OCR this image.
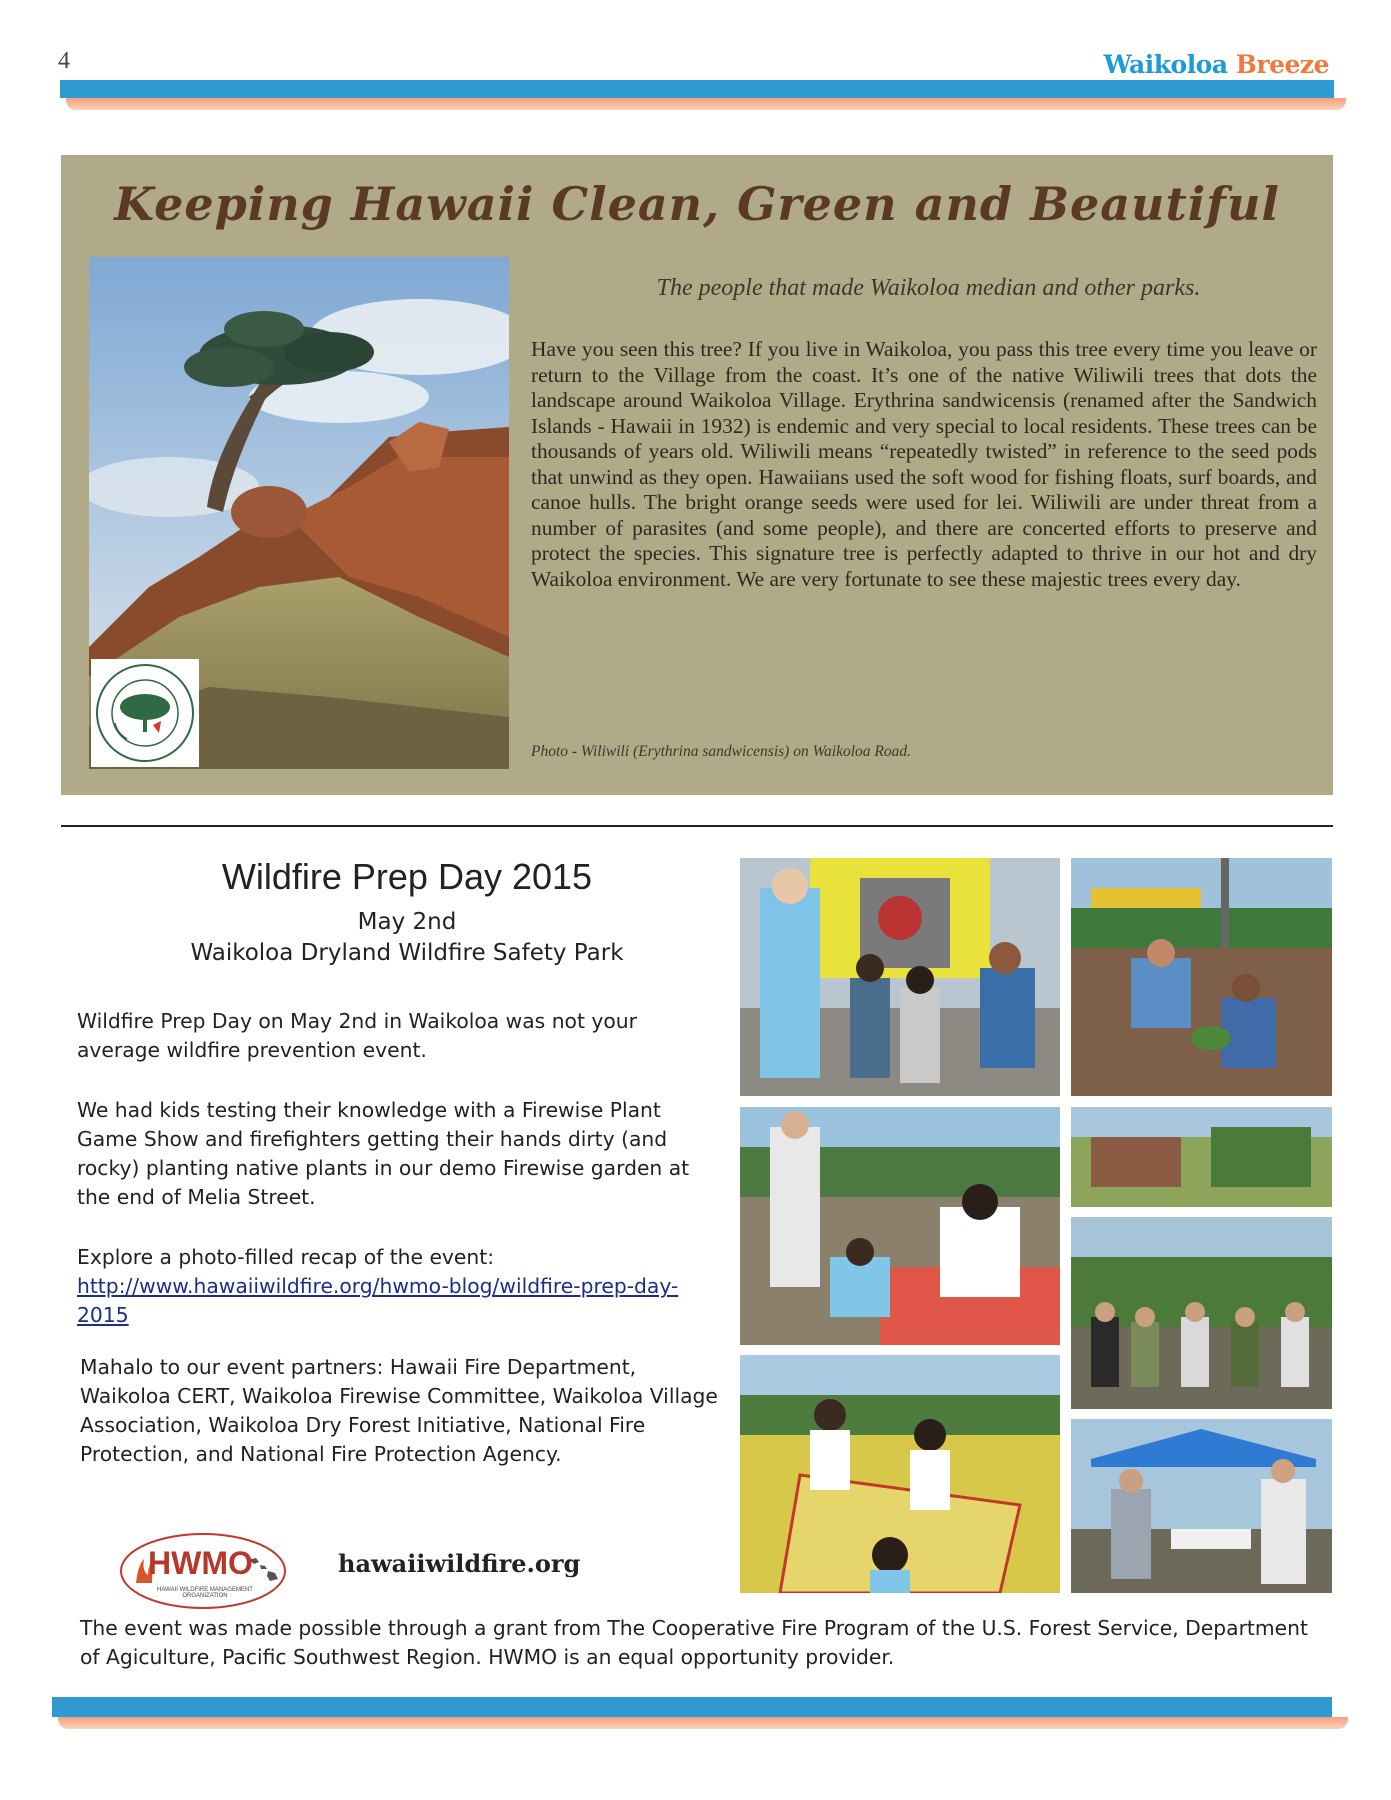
4	Waikoloa Breeze
Keeping Hawaii Clean, Green and Beautiful
The people that made Waikoloa median and other parks.
Have you seen this tree? If you live in Waikoloa, you pass this tree every time you leave or return to the Village from the coast. It’s one of the native Wiliwili trees that dots the landscape around Waikoloa Village. Erythrina sandwicensis (renamed after the Sandwich Islands - Hawaii in 1932) is endemic and very special to local residents. These trees can be thousands of years old. Wiliwili means “repeatedly twisted” in reference to the seed pods that unwind as they open. Hawaiians used the soft wood for fishing floats, surf boards, and canoe hulls. The bright orange seeds were used for lei. Wiliwili are under threat from a number of parasites (and some people), and there are concerted efforts to preserve and protect the species. This signature tree is perfectly adapted to thrive in our hot and dry Waikoloa environment. We are very fortunate to see these majestic trees every day.
Photo - Wiliwili (Erythrina sandwicensis) on Waikoloa Road.
Wildfire Prep Day 2015
May 2nd
Waikoloa Dryland Wildfire Safety Park
Wildfire Prep Day on May 2nd in Waikoloa was not your average wildfire prevention event.
We had kids testing their knowledge with a Firewise Plant Game Show and firefighters getting their hands dirty (and rocky) planting native plants in our demo Firewise garden at the end of Melia Street.
Explore a photo-filled recap of the event:
http://www.hawaiiwildfire.org/hwmo-blog/wildfire-prep-day-2015
Mahalo to our event partners: Hawaii Fire Department, Waikoloa CERT, Waikoloa Firewise Committee, Waikoloa Village Association, Waikoloa Dry Forest Initiative, National Fire Protection, and National Fire Protection Agency.
HWMO
HAWAII WILDFIRE MANAGEMENT ORGANIZATION
hawaiiwildfire.org
The event was made possible through a grant from The Cooperative Fire Program of the U.S. Forest Service, Department of Agiculture, Pacific Southwest Region. HWMO is an equal opportunity provider.
